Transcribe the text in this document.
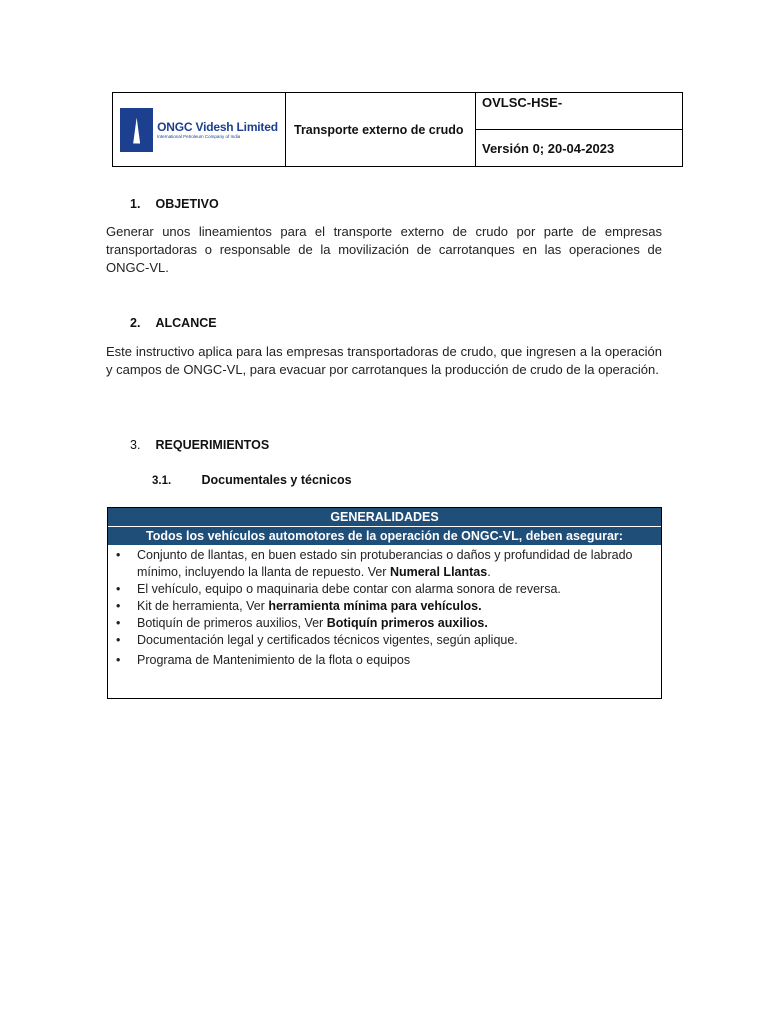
ONGC Videsh Limited
International Petroleum Company of India	Transporte externo de crudo
OVLSC-HSE-
Versión 0; 20-04-2023
1. OBJETIVO
Generar unos lineamientos para el transporte externo de crudo por parte de empresas transportadoras o responsable de la movilización de carrotanques en las operaciones de ONGC-VL.
2. ALCANCE
Este instructivo aplica para las empresas transportadoras de crudo, que ingresen a la operación y campos de ONGC-VL, para evacuar por carrotanques la producción de crudo de la operación.
3. REQUERIMIENTOS
3.1. Documentales y técnicos
GENERALIDADES
Todos los vehículos automotores de la operación de ONGC-VL, deben asegurar:
• Conjunto de llantas, en buen estado sin protuberancias o daños y profundidad de labrado mínimo, incluyendo la llanta de repuesto. Ver Numeral Llantas.
• El vehículo, equipo o maquinaria debe contar con alarma sonora de reversa.
• Kit de herramienta, Ver herramienta mínima para vehículos.
• Botiquín de primeros auxilios, Ver Botiquín primeros auxilios.
• Documentación legal y certificados técnicos vigentes, según aplique.
• Programa de Mantenimiento de la flota o equipos
